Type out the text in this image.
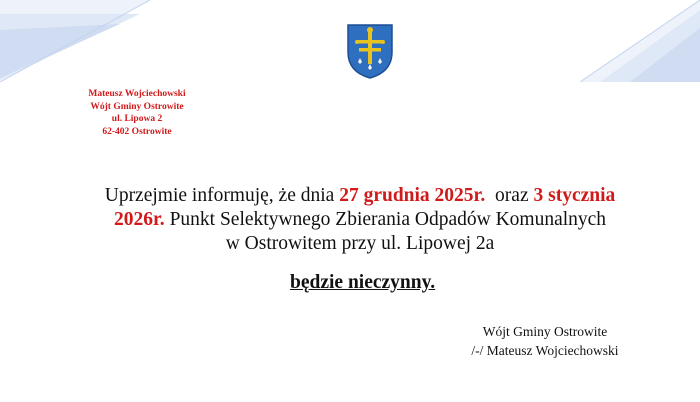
Mateusz Wojciechowski
Wójt Gminy Ostrowite
ul. Lipowa 2
62-402 Ostrowite
Uprzejmie informuję, że dnia 27 grudnia 2025r.  oraz 3 stycznia
2026r. Punkt Selektywnego Zbierania Odpadów Komunalnych
w Ostrowitem przy ul. Lipowej 2a
będzie nieczynny.
Wójt Gminy Ostrowite
/-/ Mateusz Wojciechowski
